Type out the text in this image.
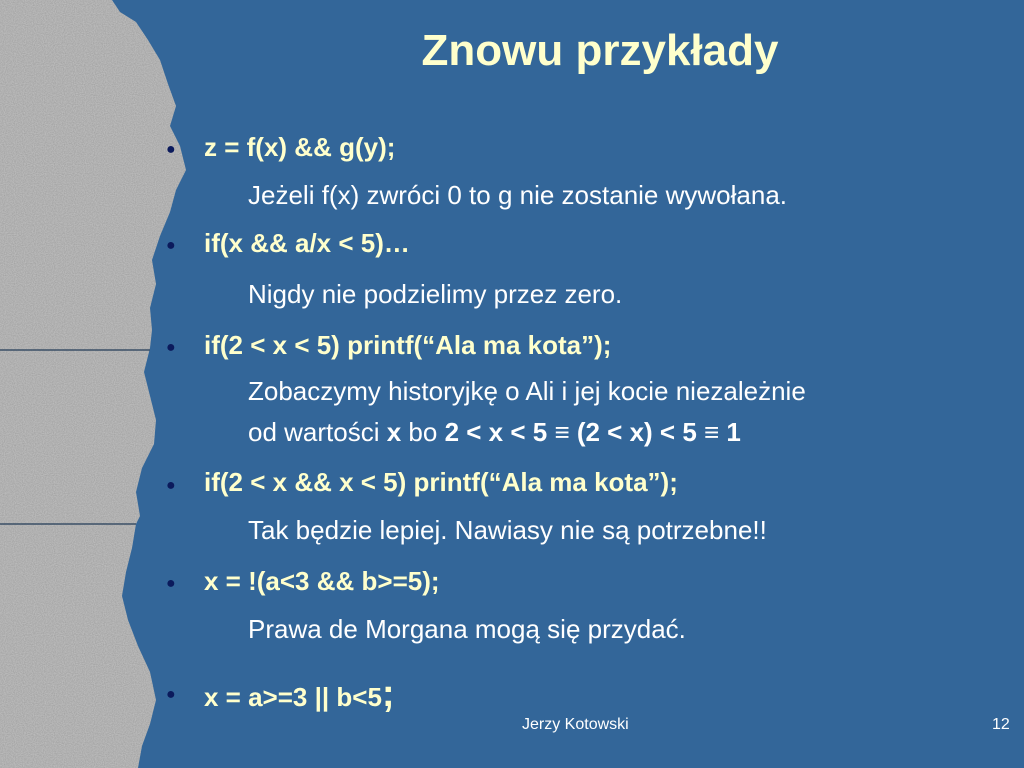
Znowu przykłady
● z = f(x) && g(y);
Jeżeli f(x) zwróci 0 to g nie zostanie wywołana.
● if(x && a/x < 5)…
Nigdy nie podzielimy przez zero.
● if(2 < x < 5) printf(“Ala ma kota”);
Zobaczymy historyjkę o Ali i jej kocie niezależnie
od wartości x bo 2 < x < 5 ≡ (2 < x) < 5 ≡ 1
● if(2 < x && x < 5) printf(“Ala ma kota”);
Tak będzie lepiej. Nawiasy nie są potrzebne!!
● x = !(a<3 && b>=5);
Prawa de Morgana mogą się przydać.
● x = a>=3 || b<5;
Jerzy Kotowski	12
